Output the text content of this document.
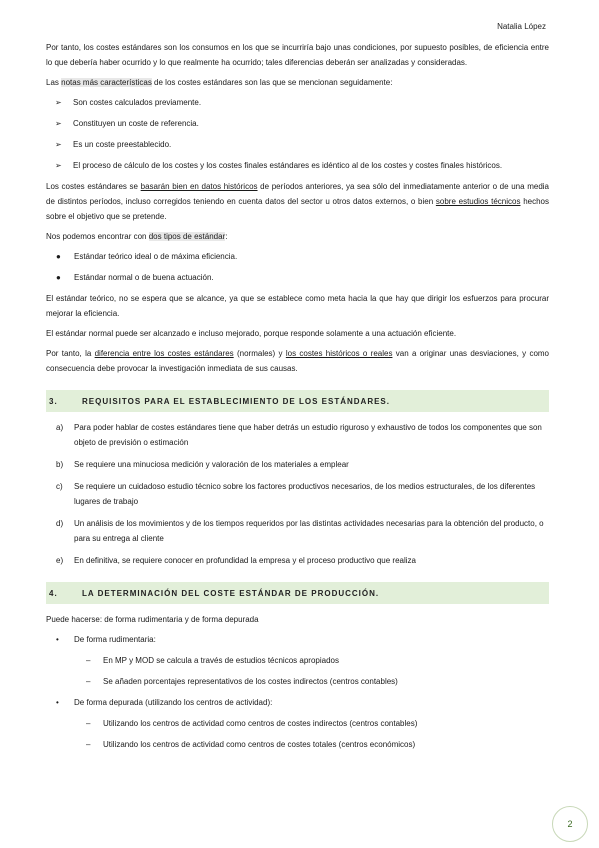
Natalia López

Por tanto, los costes estándares son los consumos en los que se incurriría bajo unas condiciones, por supuesto posibles, de eficiencia entre lo que debería haber ocurrido y lo que realmente ha ocurrido; tales diferencias deberán ser analizadas y consideradas.

Las notas más características de los costes estándares son las que se mencionan seguidamente:

➢ Son costes calculados previamente.
➢ Constituyen un coste de referencia.
➢ Es un coste preestablecido.
➢ El proceso de cálculo de los costes y los costes finales estándares es idéntico al de los costes y costes finales históricos.

Los costes estándares se basarán bien en datos históricos de períodos anteriores, ya sea sólo del inmediatamente anterior o de una media de distintos períodos, incluso corregidos teniendo en cuenta datos del sector u otros datos externos, o bien sobre estudios técnicos hechos sobre el objetivo que se pretende.

Nos podemos encontrar con dos tipos de estándar:

● Estándar teórico ideal o de máxima eficiencia.
● Estándar normal o de buena actuación.

El estándar teórico, no se espera que se alcance, ya que se establece como meta hacia la que hay que dirigir los esfuerzos para procurar mejorar la eficiencia.

El estándar normal puede ser alcanzado e incluso mejorado, porque responde solamente a una actuación eficiente.

Por tanto, la diferencia entre los costes estándares (normales) y los costes históricos o reales van a originar unas desviaciones, y como consecuencia debe provocar la investigación inmediata de sus causas.

3.	REQUISITOS PARA EL ESTABLECIMIENTO DE LOS ESTÁNDARES.
a) Para poder hablar de costes estándares tiene que haber detrás un estudio riguroso y exhaustivo de todos los componentes que son objeto de previsión o estimación
b) Se requiere una minuciosa medición y valoración de los materiales a emplear
c) Se requiere un cuidadoso estudio técnico sobre los factores productivos necesarios, de los medios estructurales, de los diferentes lugares de trabajo
d) Un análisis de los movimientos y de los tiempos requeridos por las distintas actividades necesarias para la obtención del producto, o para su entrega al cliente
e) En definitiva, se requiere conocer en profundidad la empresa y el proceso productivo que realiza
4.	LA DETERMINACIÓN DEL COSTE ESTÁNDAR DE PRODUCCIÓN.

Puede hacerse: de forma rudimentaria y de forma depurada

• De forma rudimentaria:
– En MP y MOD se calcula a través de estudios técnicos apropiados
– Se añaden porcentajes representativos de los costes indirectos (centros contables)
• De forma depurada (utilizando los centros de actividad):
– Utilizando los centros de actividad como centros de costes indirectos (centros contables)
– Utilizando los centros de actividad como centros de costes totales (centros económicos)
2
